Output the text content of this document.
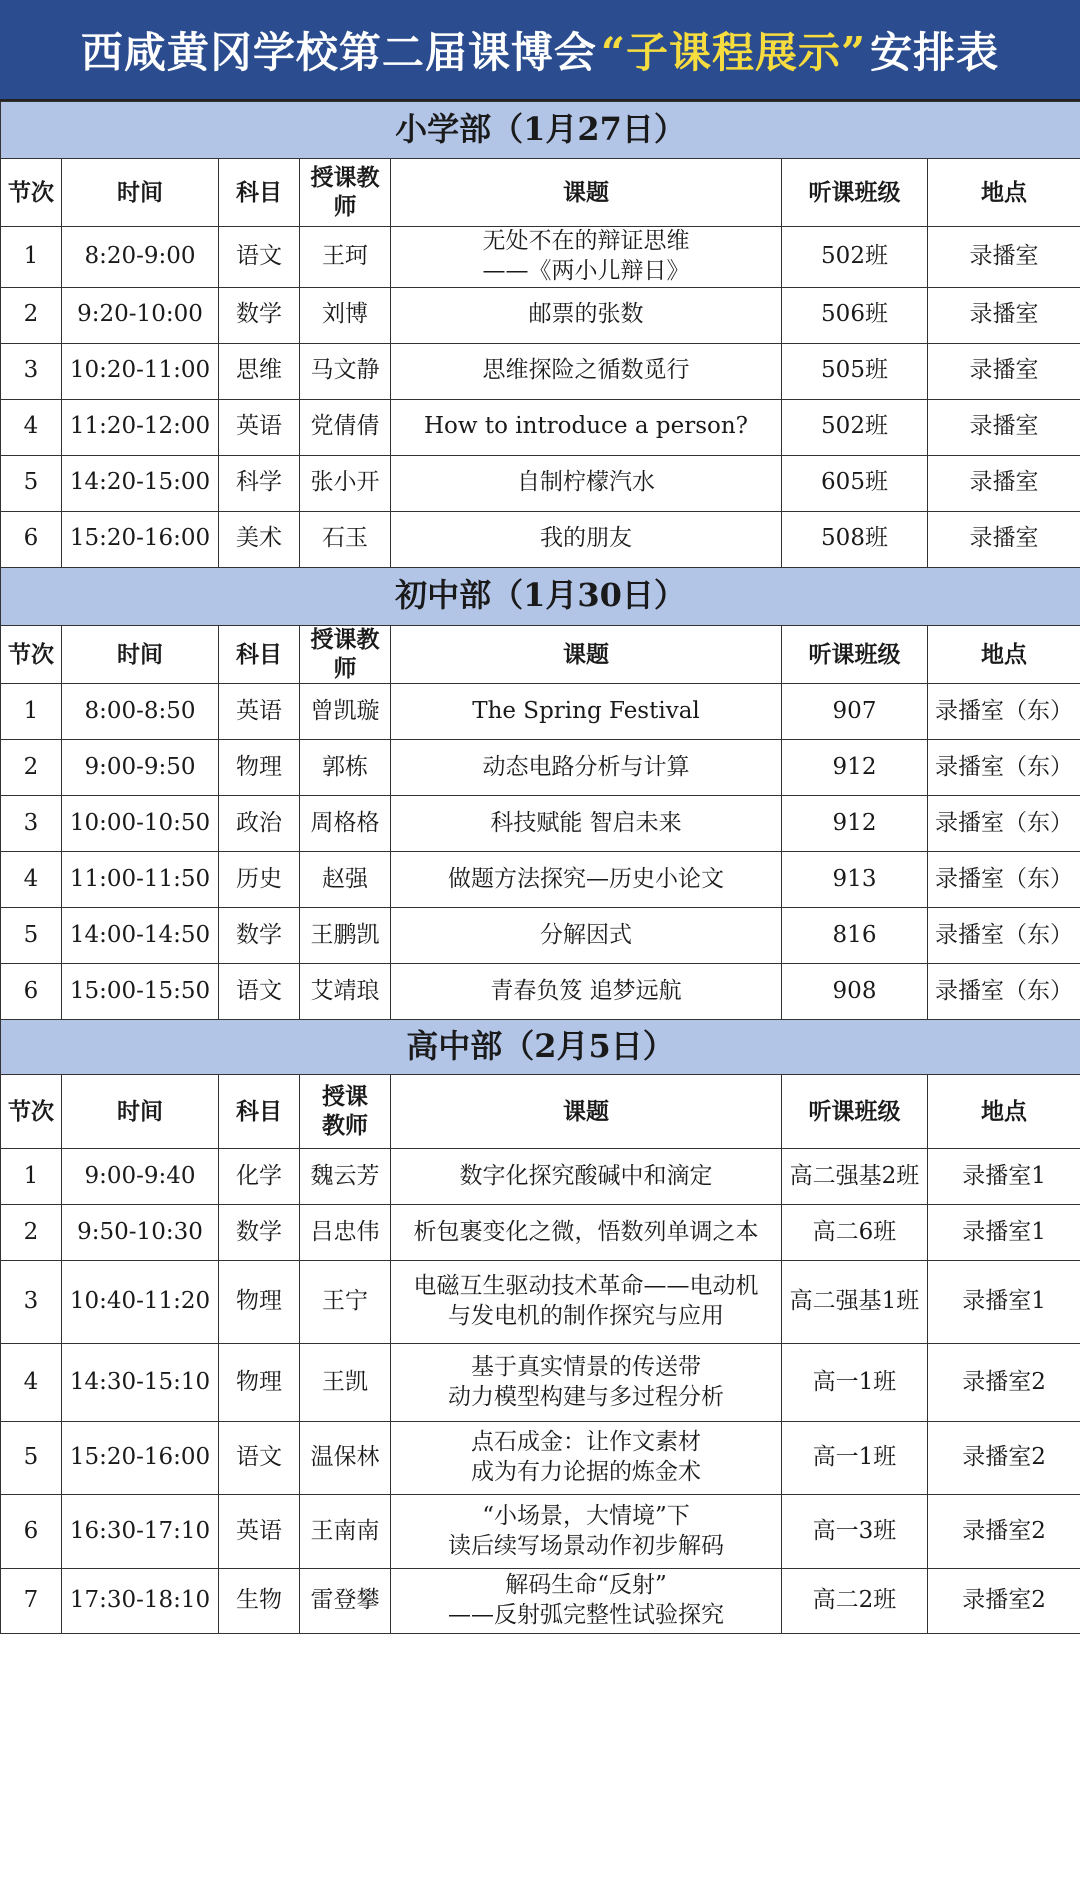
西咸黄冈学校第二届课博会 “子课程展示” 安排表
小学部（1月27日）						
节次	时间	科目	授课教师	课题	听课班级	地点
1	8:20-9:00	语文	王珂	无处不在的辩证思维
——《两小儿辩日》	502班	录播室
2	9:20-10:00	数学	刘博	邮票的张数	506班	录播室
3	10:20-11:00	思维	马文静	思维探险之循数觅行	505班	录播室
4	11:20-12:00	英语	党倩倩	How to introduce a person?	502班	录播室
5	14:20-15:00	科学	张小开	自制柠檬汽水	605班	录播室
6	15:20-16:00	美术	石玉	我的朋友	508班	录播室
初中部（1月30日）						
节次	时间	科目	授课教师	课题	听课班级	地点
1	8:00-8:50	英语	曾凯璇	The Spring Festival	907	录播室（东）
2	9:00-9:50	物理	郭栋	动态电路分析与计算	912	录播室（东）
3	10:00-10:50	政治	周格格	科技赋能 智启未来	912	录播室（东）
4	11:00-11:50	历史	赵强	做题方法探究—历史小论文	913	录播室（东）
5	14:00-14:50	数学	王鹏凯	分解因式	816	录播室（东）
6	15:00-15:50	语文	艾靖琅	青春负笈 追梦远航	908	录播室（东）
高中部（2月5日）						
节次	时间	科目	授课 教师	课题	听课班级	地点
1	9:00-9:40	化学	魏云芳	数字化探究酸碱中和滴定	高二强基2班	录播室1
2	9:50-10:30	数学	吕忠伟	析包裹变化之微，悟数列单调之本	高二6班	录播室1
3	10:40-11:20	物理	王宁	电磁互生驱动技术革命——电动机
与发电机的制作探究与应用	高二强基1班	录播室1
4	14:30-15:10	物理	王凯	基于真实情景的传送带
动力模型构建与多过程分析	高一1班	录播室2
5	15:20-16:00	语文	温保林	点石成金：让作文素材
成为有力论据的炼金术	高一1班	录播室2
6	16:30-17:10	英语	王南南	“小场景，大情境”下
读后续写场景动作初步解码	高一3班	录播室2
7	17:30-18:10	生物	雷登攀	解码生命“反射”
——反射弧完整性试验探究	高二2班	录播室2
